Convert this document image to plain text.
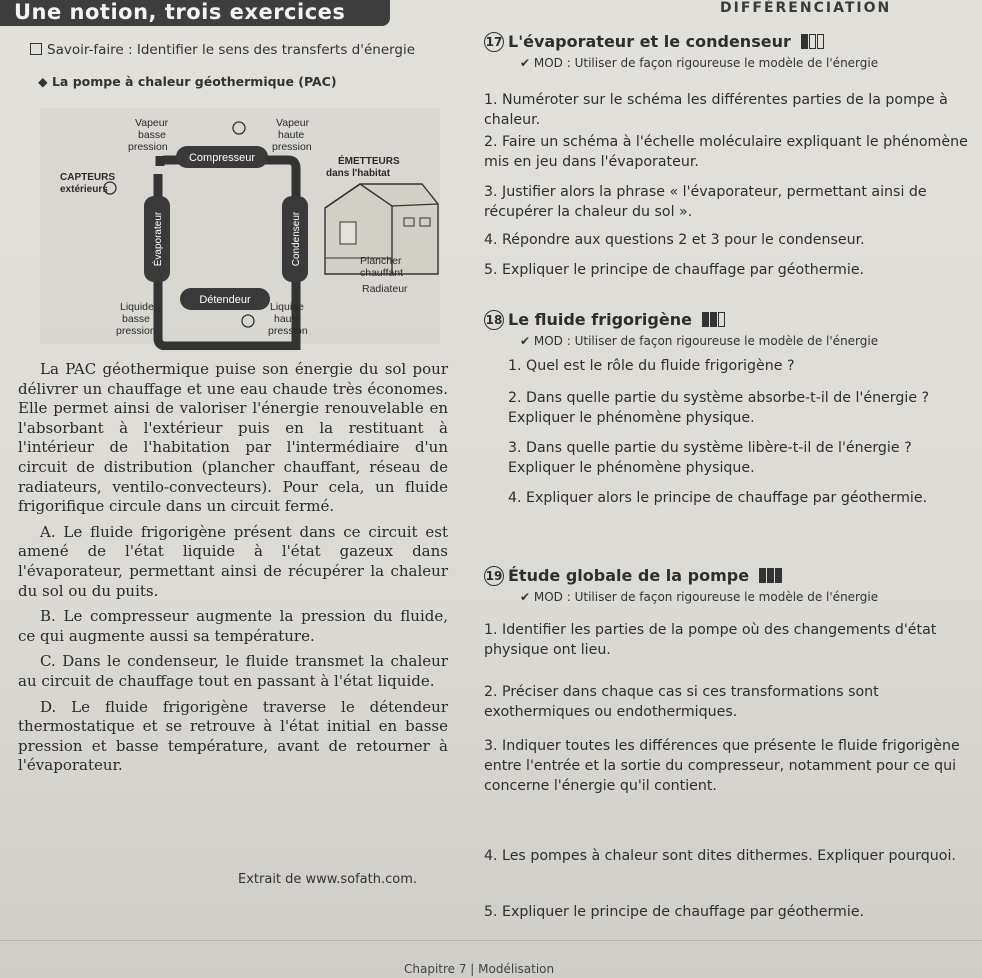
Une notion, trois exercices	DIFFÉRENCIATION
Savoir-faire : Identifier le sens des transferts d'énergie
◆ La pompe à chaleur géothermique (PAC)
Compresseur
Détendeur
Évaporateur	Condenseur
Vapeur basse pression
Vapeur haute pression
CAPTEURS extérieurs
ÉMETTEURS dans l'habitat
Plancher chauffant
Radiateur
Liquide basse pression
Liquide haute pression

La PAC géothermique puise son énergie du sol pour délivrer un chauffage et une eau chaude très économes. Elle permet ainsi de valoriser l'énergie renouvelable en l'absorbant à l'extérieur puis en la restituant à l'intérieur de l'habitation par l'intermédiaire d'un circuit de distribution (plancher chauffant, réseau de radiateurs, ventilo-convecteurs). Pour cela, un fluide frigorifique circule dans un circuit fermé.

A. Le fluide frigorigène présent dans ce circuit est amené de l'état liquide à l'état gazeux dans l'évaporateur, permettant ainsi de récupérer la chaleur du sol ou du puits.

B. Le compresseur augmente la pression du fluide, ce qui augmente aussi sa température.

C. Dans le condenseur, le fluide transmet la chaleur au circuit de chauffage tout en passant à l'état liquide.

D. Le fluide frigorigène traverse le détendeur thermostatique et se retrouve à l'état initial en basse pression et basse température, avant de retourner à l'évaporateur.

Extrait de www.sofath.com.
17 L'évaporateur et le condenseur
✔ MOD : Utiliser de façon rigoureuse le modèle de l'énergie
1. Numéroter sur le schéma les différentes parties de la pompe à chaleur.
2. Faire un schéma à l'échelle moléculaire expliquant le phénomène mis en jeu dans l'évaporateur.
3. Justifier alors la phrase « l'évaporateur, permettant ainsi de récupérer la chaleur du sol ».
4. Répondre aux questions 2 et 3 pour le condenseur.
5. Expliquer le principe de chauffage par géothermie.
18 Le fluide frigorigène
✔ MOD : Utiliser de façon rigoureuse le modèle de l'énergie
1. Quel est le rôle du fluide frigorigène ?
2. Dans quelle partie du système absorbe-t-il de l'énergie ? Expliquer le phénomène physique.
3. Dans quelle partie du système libère-t-il de l'énergie ? Expliquer le phénomène physique.
4. Expliquer alors le principe de chauffage par géothermie.
19 Étude globale de la pompe
✔ MOD : Utiliser de façon rigoureuse le modèle de l'énergie
1. Identifier les parties de la pompe où des changements d'état physique ont lieu.
2. Préciser dans chaque cas si ces transformations sont exothermiques ou endothermiques.
3. Indiquer toutes les différences que présente le fluide frigorigène entre l'entrée et la sortie du compresseur, notamment pour ce qui concerne l'énergie qu'il contient.
4. Les pompes à chaleur sont dites dithermes. Expliquer pourquoi.
5. Expliquer le principe de chauffage par géothermie.
Chapitre 7 | Modélisation
